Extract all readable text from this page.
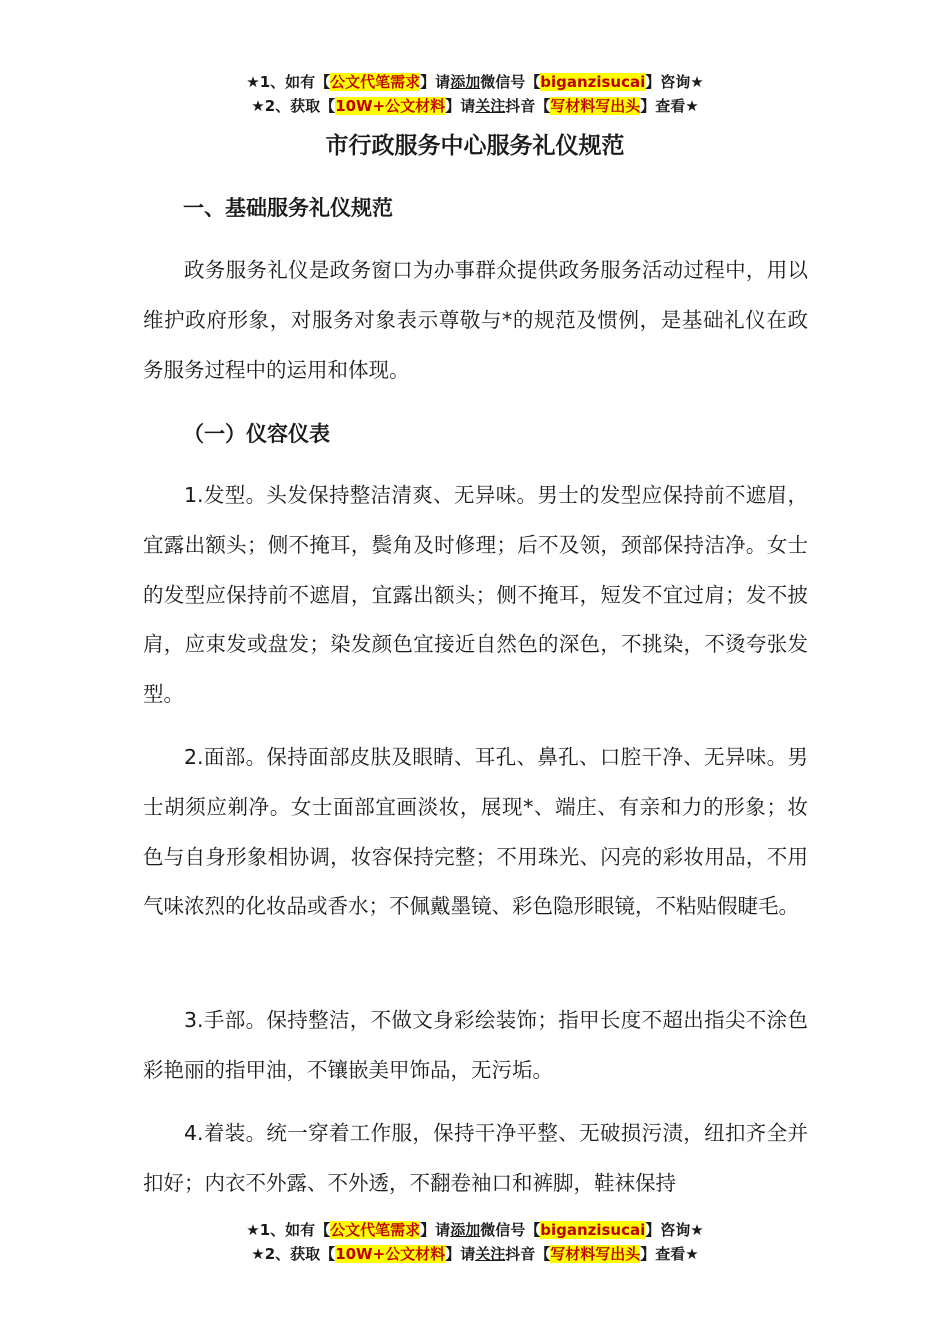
★1、如有【公文代笔需求】请添加微信号【biganzisucai】咨询★
★2、获取【10W+公文材料】请关注抖音【写材料写出头】查看★
市行政服务中心服务礼仪规范
一、基础服务礼仪规范

政务服务礼仪是政务窗口为办事群众提供政务服务活动过程中，用以维护政府形象，对服务对象表示尊敬与*的规范及惯例，是基础礼仪在政务服务过程中的运用和体现。

（一）仪容仪表

1.发型。头发保持整洁清爽、无异味。男士的发型应保持前不遮眉，宜露出额头；侧不掩耳，鬓角及时修理；后不及领，颈部保持洁净。女士的发型应保持前不遮眉，宜露出额头；侧不掩耳，短发不宜过肩；发不披肩，应束发或盘发；染发颜色宜接近自然色的深色，不挑染，不烫夸张发型。

2.面部。保持面部皮肤及眼睛、耳孔、鼻孔、口腔干净、无异味。男士胡须应剃净。女士面部宜画淡妆，展现*、端庄、有亲和力的形象；妆色与自身形象相协调，妆容保持完整；不用珠光、闪亮的彩妆用品，不用气味浓烈的化妆品或香水；不佩戴墨镜、彩色隐形眼镜，不粘贴假睫毛。

3.手部。保持整洁，不做文身彩绘装饰；指甲长度不超出指尖不涂色彩艳丽的指甲油，不镶嵌美甲饰品，无污垢。

4.着装。统一穿着工作服，保持干净平整、无破损污渍，纽扣齐全并扣好；内衣不外露、不外透，不翻卷袖口和裤脚，鞋袜保持

★1、如有【公文代笔需求】请添加微信号【biganzisucai】咨询★
★2、获取【10W+公文材料】请关注抖音【写材料写出头】查看★
